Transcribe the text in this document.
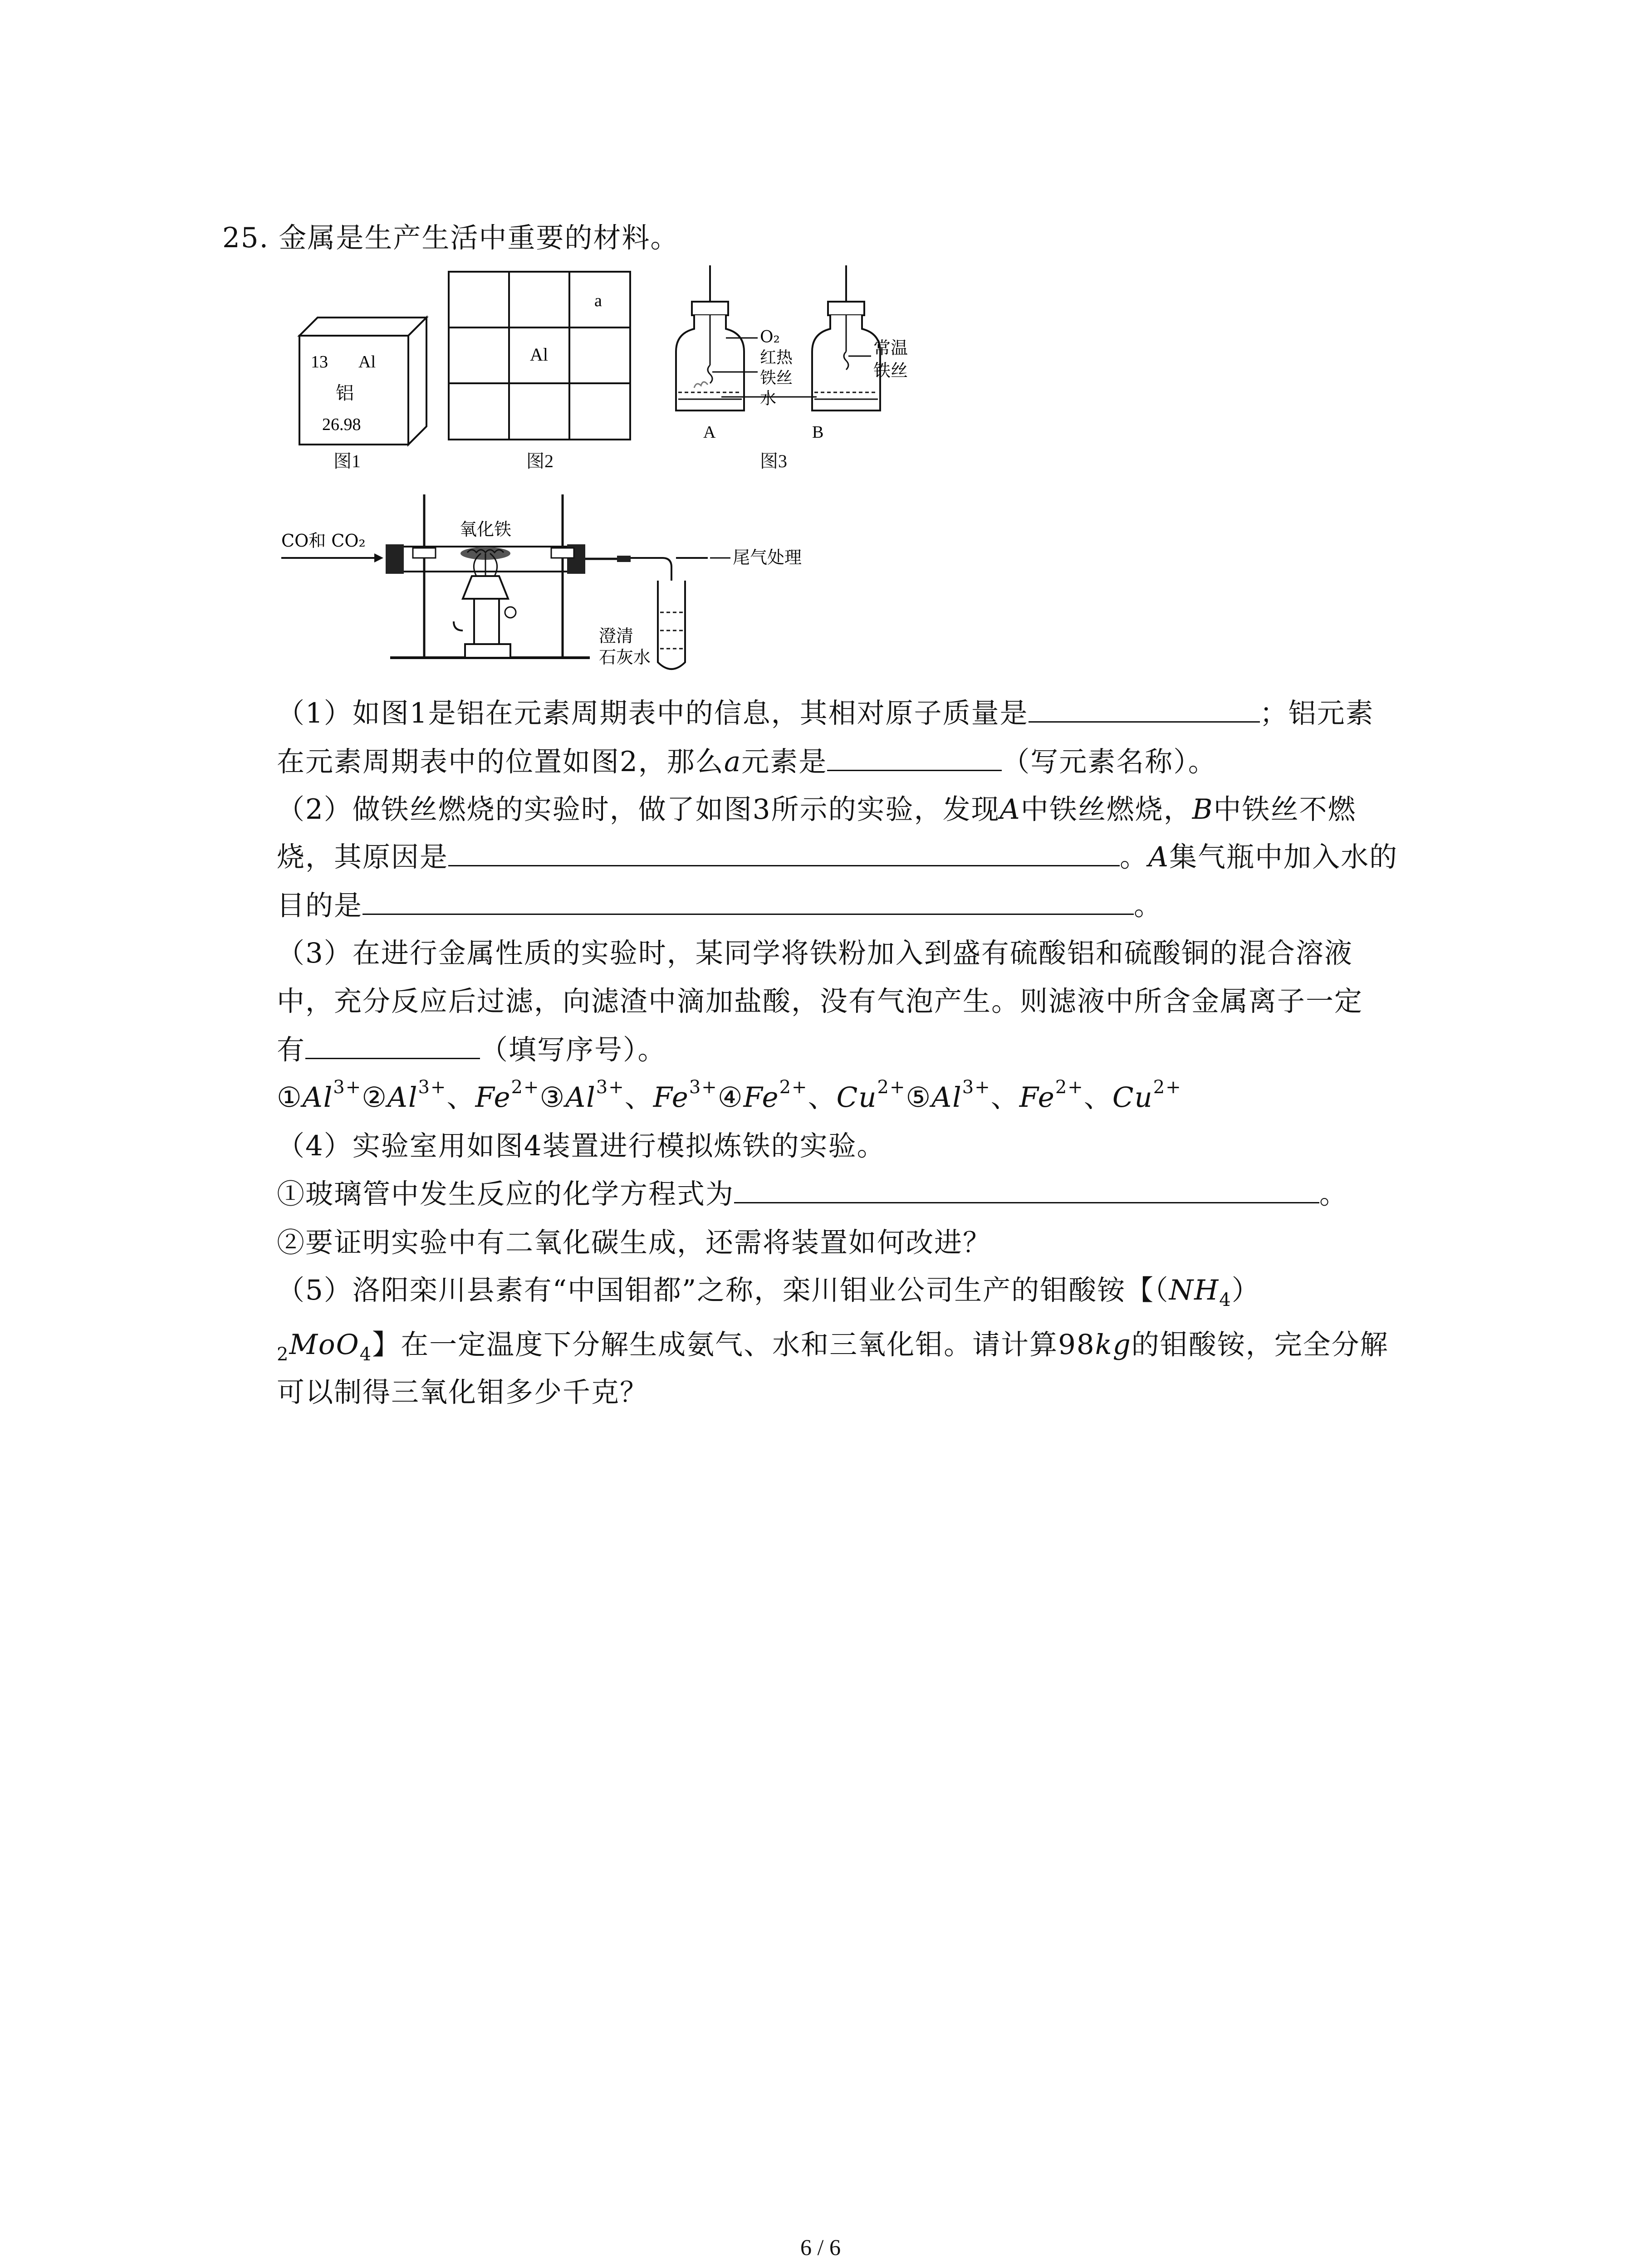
25. 金属是生产生活中重要的材料。
13 Al
铝
26.98
图1
a
Al
图2
O₂
红热
铁丝
水
常温
铁丝
A	B
图3
CO和 CO₂
氧化铁
尾气处理
澄清
石灰水
（1）如图1是铝在元素周期表中的信息，其相对原子质量是	；铝元素
在元素周期表中的位置如图2，那么a元素是	（写元素名称）。
（2）做铁丝燃烧的实验时，做了如图3所示的实验，发现A中铁丝燃烧，B中铁丝不燃
烧，其原因是	。A集气瓶中加入水的
目的是	。
（3）在进行金属性质的实验时，某同学将铁粉加入到盛有硫酸铝和硫酸铜的混合溶液
中，充分反应后过滤，向滤渣中滴加盐酸，没有气泡产生。则滤液中所含金属离子一定
有	（填写序号）。
$①Al^{3+}②Al^{3+}$、$Fe^{2+}③Al^{3+}$、$Fe^{3+}④Fe^{2+}$、$Cu^{2+}⑤Al^{3+}$、$Fe^{2+}$、$Cu^{2+}$
（4）实验室用如图4装置进行模拟炼铁的实验。
①玻璃管中发生反应的化学方程式为	。
②要证明实验中有二氧化碳生成，还需将装置如何改进？
（5）洛阳栾川县素有“中国钼都”之称，栾川钼业公司生产的钼酸铵【$(NH_4)$
$_2$MoO$_4$】在一定温度下分解生成氨气、水和三氧化钼。请计算98kg的钼酸铵，完全分解
可以制得三氧化钼多少千克？
6 / 6
